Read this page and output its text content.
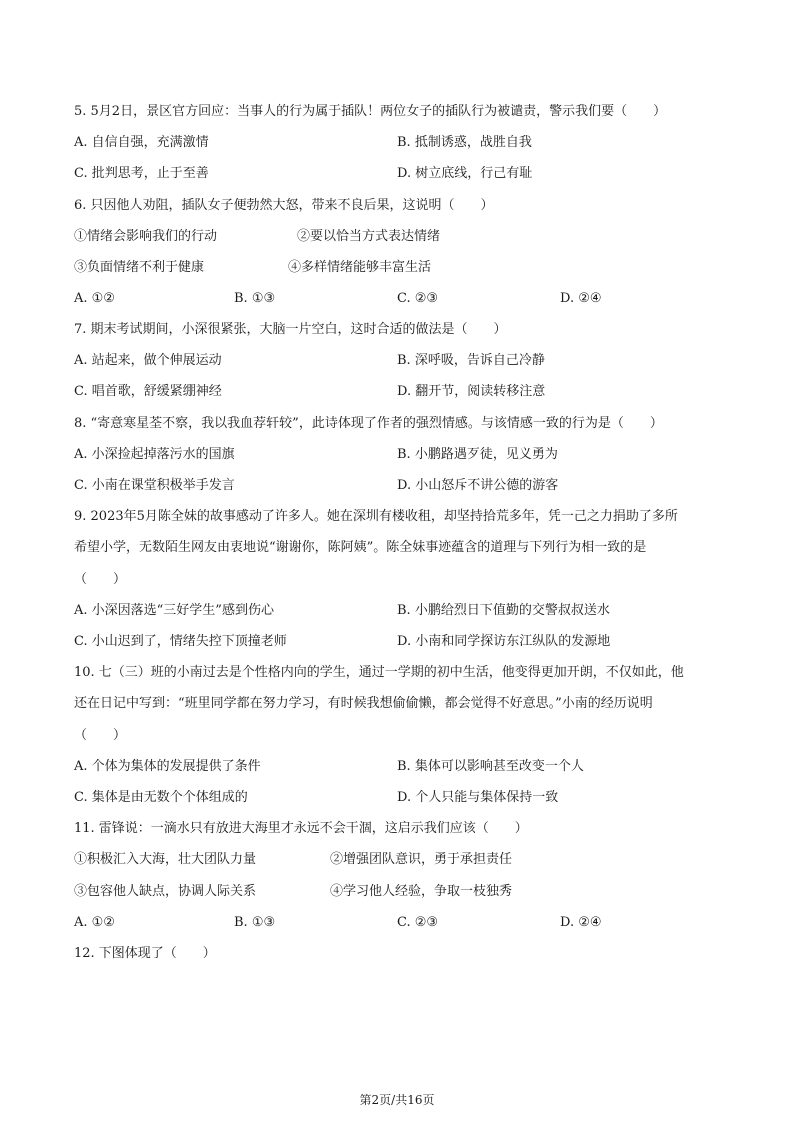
5. 5月2日，景区官方回应：当事人的行为属于插队！两位女子的插队行为被谴责，警示我们要（　　）
A. 自信自强，充满激情	B. 抵制诱惑，战胜自我
C. 批判思考，止于至善	D. 树立底线，行己有耻
6. 只因他人劝阻，插队女子便勃然大怒，带来不良后果，这说明（　　）
①情绪会影响我们的行动	②要以恰当方式表达情绪
③负面情绪不利于健康	④多样情绪能够丰富生活
A. ①②	B. ①③	C. ②③	D. ②④
7. 期末考试期间，小深很紧张，大脑一片空白，这时合适的做法是（　　）
A. 站起来，做个伸展运动	B. 深呼吸，告诉自己冷静
C. 唱首歌，舒缓紧绷神经	D. 翻开节，阅读转移注意
8. “寄意寒星荃不察，我以我血荐轩较”，此诗体现了作者的强烈情感。与该情感一致的行为是（　　）
A. 小深捡起掉落污水的国旗	B. 小鹏路遇歹徒，见义勇为
C. 小南在课堂积极举手发言	D. 小山怒斥不讲公德的游客
9. 2023年5月陈全妹的故事感动了许多人。她在深圳有楼收租，却坚持拾荒多年，凭一己之力捐助了多所
希望小学，无数陌生网友由衷地说“谢谢你，陈阿姨”。陈全妹事迹蕴含的道理与下列行为相一致的是
（　　）
A. 小深因落选“三好学生”感到伤心	B. 小鹏给烈日下值勤的交警叔叔送水
C. 小山迟到了，情绪失控下顶撞老师	D. 小南和同学探访东江纵队的发源地
10. 七（三）班的小南过去是个性格内向的学生，通过一学期的初中生活，他变得更加开朗，不仅如此，他
还在日记中写到：“班里同学都在努力学习，有时候我想偷偷懒，都会觉得不好意思。”小南的经历说明
（　　）
A. 个体为集体的发展提供了条件	B. 集体可以影响甚至改变一个人
C. 集体是由无数个个体组成的	D. 个人只能与集体保持一致
11. 雷锋说：一滴水只有放进大海里才永远不会干涸，这启示我们应该（　　）
①积极汇入大海，壮大团队力量	②增强团队意识，勇于承担责任
③包容他人缺点，协调人际关系	④学习他人经验，争取一枝独秀
A. ①②	B. ①③	C. ②③	D. ②④
12. 下图体现了（　　）
第2页/共16页
